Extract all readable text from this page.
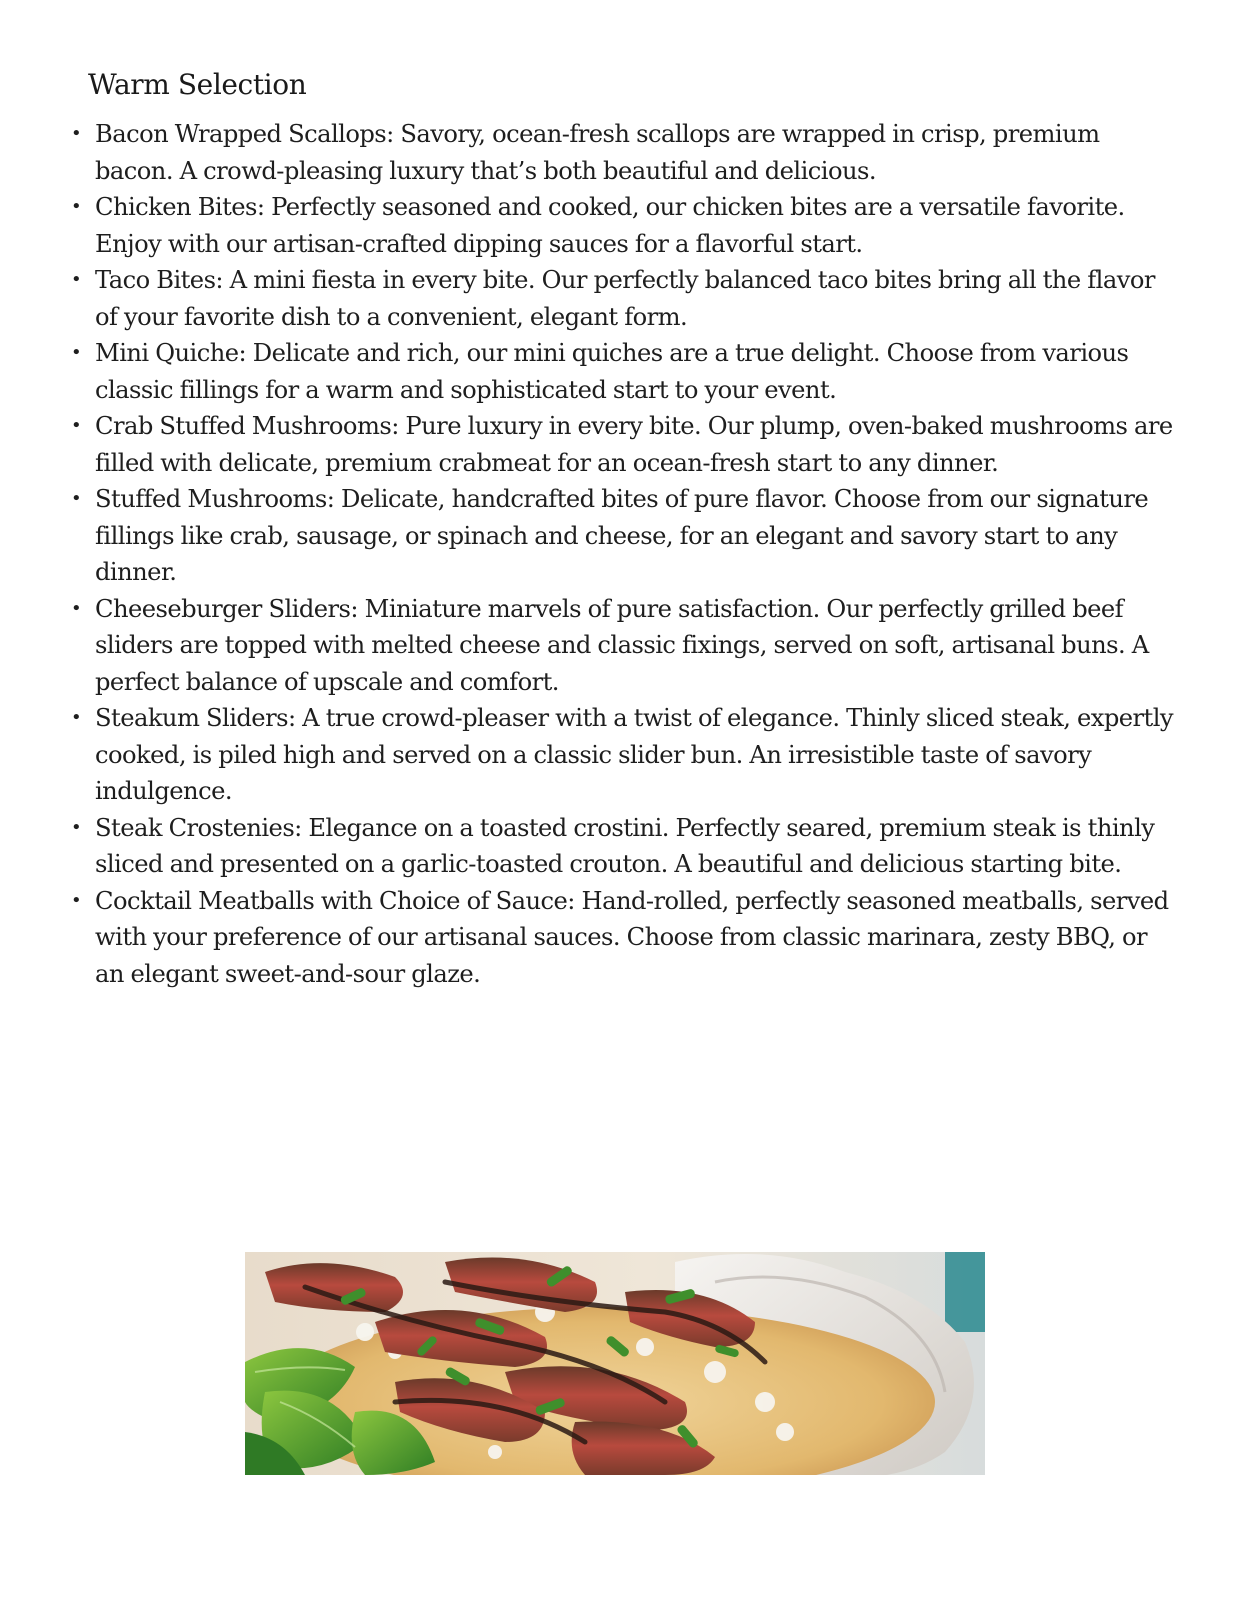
Warm Selection
• Bacon Wrapped Scallops: Savory, ocean-fresh scallops are wrapped in crisp, premium bacon. A crowd-pleasing luxury that’s both beautiful and delicious.
• Chicken Bites: Perfectly seasoned and cooked, our chicken bites are a versatile favorite. Enjoy with our artisan-crafted dipping sauces for a flavorful start.
• Taco Bites: A mini fiesta in every bite. Our perfectly balanced taco bites bring all the flavor of your favorite dish to a convenient, elegant form.
• Mini Quiche: Delicate and rich, our mini quiches are a true delight. Choose from various classic fillings for a warm and sophisticated start to your event.
• Crab Stuffed Mushrooms: Pure luxury in every bite. Our plump, oven-baked mushrooms are filled with delicate, premium crabmeat for an ocean-fresh start to any dinner.
• Stuffed Mushrooms: Delicate, handcrafted bites of pure flavor. Choose from our signature fillings like crab, sausage, or spinach and cheese, for an elegant and savory start to any dinner.
• Cheeseburger Sliders: Miniature marvels of pure satisfaction. Our perfectly grilled beef sliders are topped with melted cheese and classic fixings, served on soft, artisanal buns. A perfect balance of upscale and comfort.
• Steakum Sliders: A true crowd-pleaser with a twist of elegance. Thinly sliced steak, expertly cooked, is piled high and served on a classic slider bun. An irresistible taste of savory indulgence.
• Steak Crostenies: Elegance on a toasted crostini. Perfectly seared, premium steak is thinly sliced and presented on a garlic-toasted crouton. A beautiful and delicious starting bite.
• Cocktail Meatballs with Choice of Sauce: Hand-rolled, perfectly seasoned meatballs, served with your preference of our artisanal sauces. Choose from classic marinara, zesty BBQ, or an elegant sweet-and-sour glaze.
